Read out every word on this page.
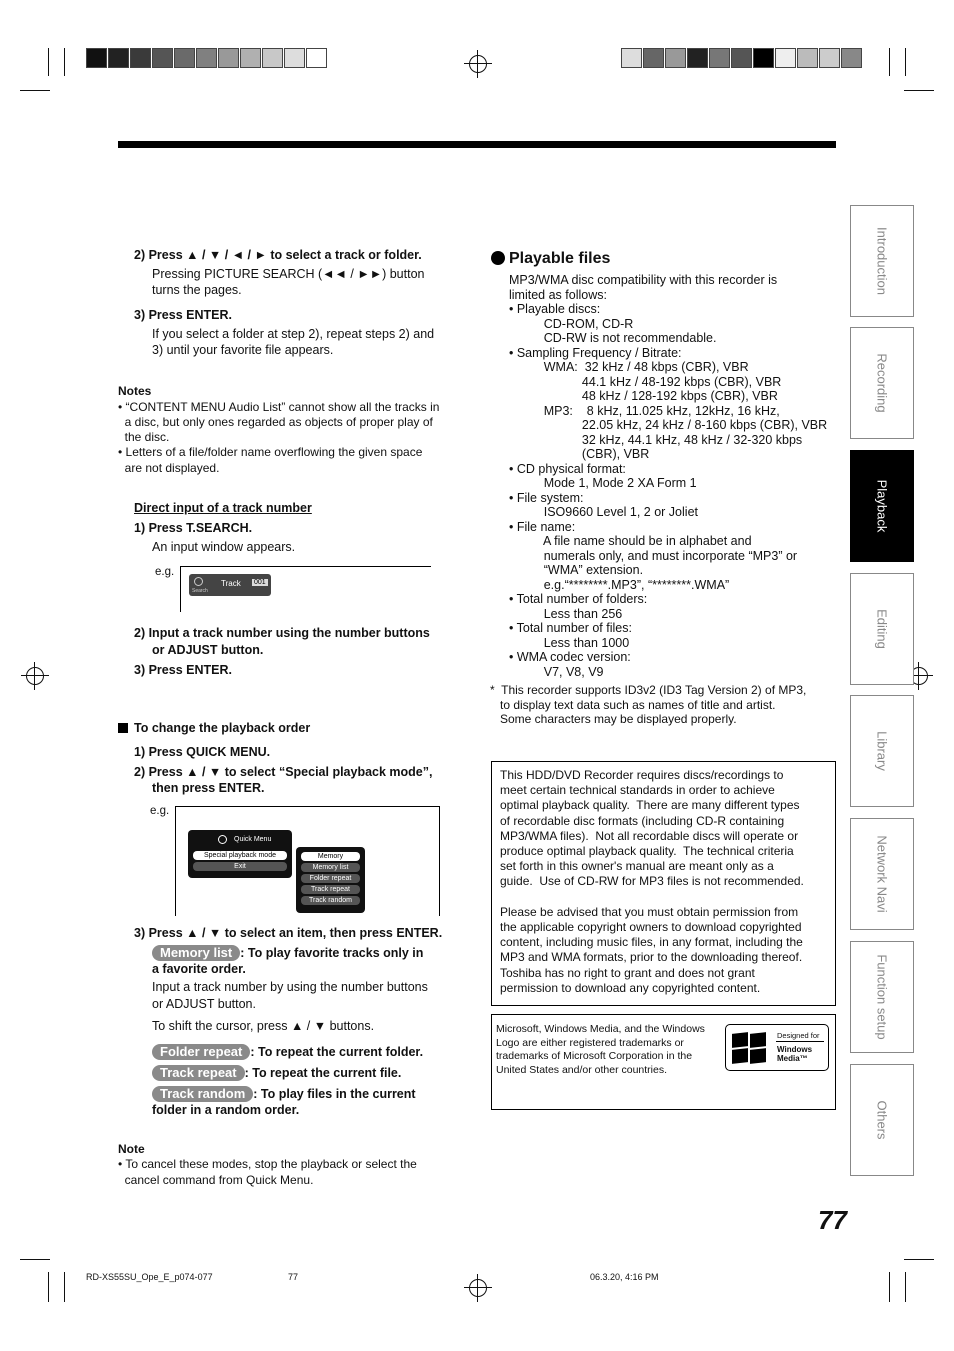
2) Press ▲ / ▼ / ◄ / ► to select a track or folder.
Pressing PICTURE SEARCH (◄◄ / ►►) button
turns the pages.
3) Press ENTER.
If you select a folder at step 2), repeat steps 2) and
3) until your favorite file appears.
Notes
• “CONTENT MENU Audio List” cannot show all the tracks in
a disc, but only ones regarded as objects of proper play of
the disc.
• Letters of a file/folder name overflowing the given space
are not displayed.
Direct input of a track number
1) Press T.SEARCH.
An input window appears.
e.g.
Search
Track 001
2) Input a track number using the number buttons
or ADJUST button.
3) Press ENTER.
To change the playback order
1) Press QUICK MENU.
2) Press ▲ / ▼ to select “Special playback mode”,
then press ENTER.
e.g.
Quick Menu
Special playback mode
Exit
Memory
Memory list
Folder repeat
Track repeat
Track random
3) Press ▲ / ▼ to select an item, then press ENTER.
Memory list : To play favorite tracks only in
a favorite order.
Input a track number by using the number buttons
or ADJUST button.
To shift the cursor, press ▲ / ▼ buttons.
Folder repeat : To repeat the current folder.
Track repeat : To repeat the current file.
Track random : To play files in the current
folder in a random order.
Note
• To cancel these modes, stop the playback or select the
cancel command from Quick Menu.
Playable files
MP3/WMA disc compatibility with this recorder is
limited as follows:
• Playable discs:
CD-ROM, CD-R
CD-RW is not recommendable.
• Sampling Frequency / Bitrate:
WMA:  32 kHz / 48 kbps (CBR), VBR
44.1 kHz / 48-192 kbps (CBR), VBR
48 kHz / 128-192 kbps (CBR), VBR
MP3:    8 kHz, 11.025 kHz, 12kHz, 16 kHz,
22.05 kHz, 24 kHz / 8-160 kbps (CBR), VBR
32 kHz, 44.1 kHz, 48 kHz / 32-320 kbps
(CBR), VBR
• CD physical format:
Mode 1, Mode 2 XA Form 1
• File system:
ISO9660 Level 1, 2 or Joliet
• File name:
A file name should be in alphabet and
numerals only, and must incorporate “MP3” or
“WMA” extension.
e.g.“********.MP3”, “********.WMA”
• Total number of folders:
Less than 256
• Total number of files:
Less than 1000
• WMA codec version:
V7, V8, V9
*  This recorder supports ID3v2 (ID3 Tag Version 2) of MP3,
to display text data such as names of title and artist.
Some characters may be displayed properly.
This HDD/DVD Recorder requires discs/recordings to
meet certain technical standards in order to achieve
optimal playback quality.  There are many different types
of recordable disc formats (including CD-R containing
MP3/WMA files).  Not all recordable discs will operate or
produce optimal playback quality.  The technical criteria
set forth in this owner's manual are meant only as a
guide.  Use of CD-RW for MP3 files is not recommended.
Please be advised that you must obtain permission from
the applicable copyright owners to download copyrighted
content, including music files, in any format, including the
MP3 and WMA formats, prior to the downloading thereof.
Toshiba has no right to grant and does not grant
permission to download any copyrighted content.
Microsoft, Windows Media, and the Windows
Logo are either registered trademarks or
trademarks of Microsoft Corporation in the
United States and/or other countries.
Designed for
Windows
Media™
Introduction
Recording
Playback
Editing
Library
Network Navi
Function setup
Others
77
RD-XS55SU_Ope_E_p074-077	77	06.3.20, 4:16 PM
